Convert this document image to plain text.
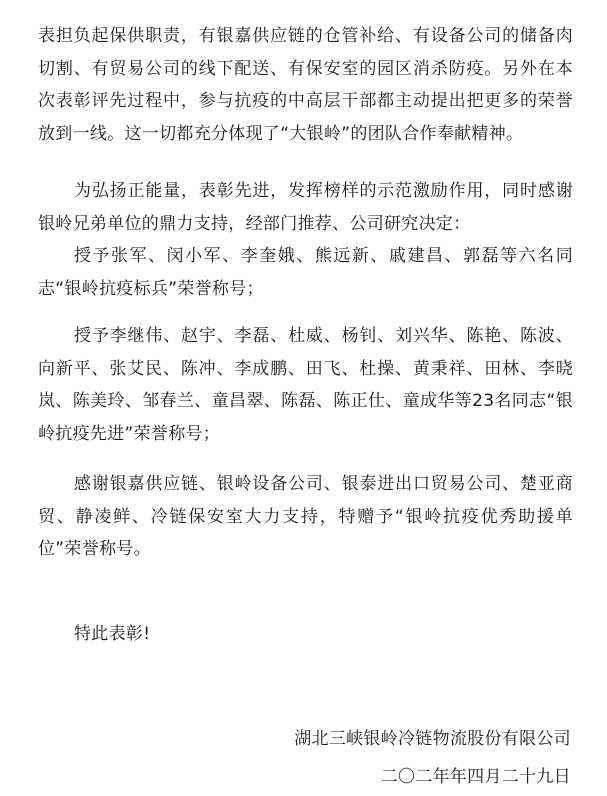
表担负起保供职责，有银嘉供应链的仓管补给、有设备公司的储备肉切割、有贸易公司的线下配送、有保安室的园区消杀防疫。另外在本次表彰评先过程中，参与抗疫的中高层干部都主动提出把更多的荣誉放到一线。这一切都充分体现了“大银岭”的团队合作奉献精神。

为弘扬正能量，表彰先进，发挥榜样的示范激励作用，同时感谢银岭兄弟单位的鼎力支持，经部门推荐、公司研究决定：

授予张军、闵小军、李奎娥、熊远新、戚建昌、郭磊等六名同志“银岭抗疫标兵”荣誉称号；

授予李继伟、赵宇、李磊、杜威、杨钊、刘兴华、陈艳、陈波、向新平、张艾民、陈冲、李成鹏、田飞、杜操、黄秉祥、田林、李晓岚、陈美玲、邹春兰、童昌翠、陈磊、陈正仕、童成华等23名同志“银岭抗疫先进”荣誉称号；

感谢银嘉供应链、银岭设备公司、银泰进出口贸易公司、楚亚商贸、静凌鲜、冷链保安室大力支持，特赠予“银岭抗疫优秀助援单位”荣誉称号。

特此表彰!

湖北三峡银岭冷链物流股份有限公司

二〇二年年四月二十九日
